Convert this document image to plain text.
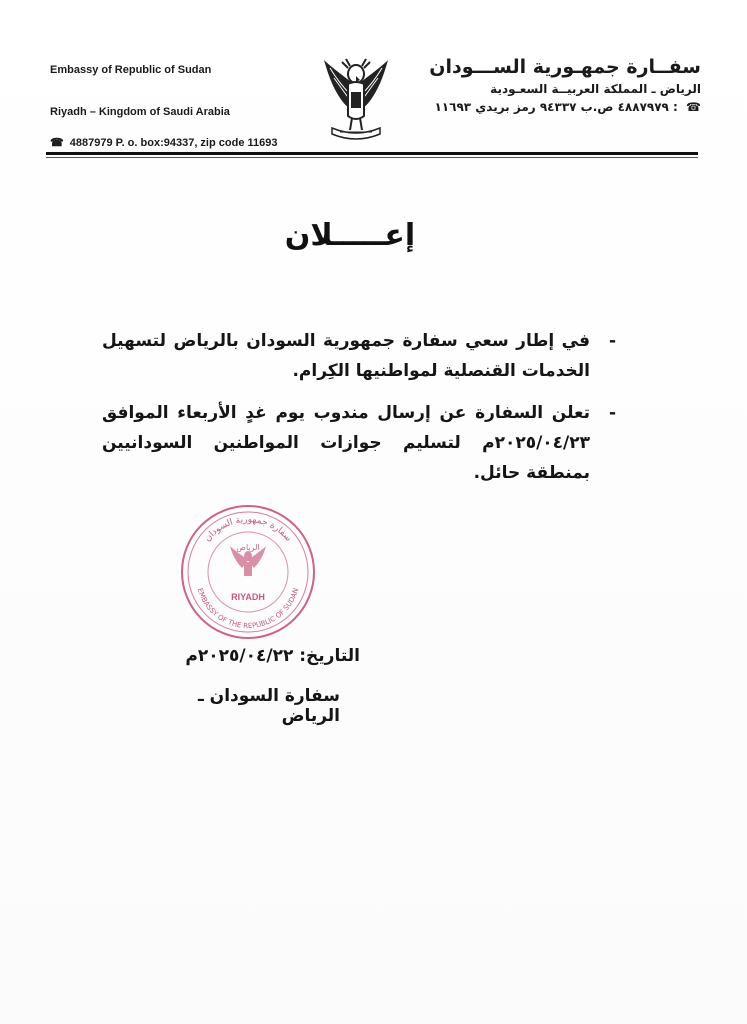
Embassy of Republic of Sudan
Riyadh – Kingdom of Saudi Arabia
☎ 4887979 P. o. box:94337, zip code 11693
سفــارة جمهـورية الســـودان
الرياض ـ المملكة العربيــة السعـودية
☎ : ٤٨٨٧٩٧٩ ص.ب ٩٤٣٣٧ رمز بريدي ١١٦٩٣
إعـــــلان
-
في إطار سعي سفارة جمهورية السودان بالرياض لتسهيل الخدمات القنصلية لمواطنيها الكِرام.
-
تعلن السفارة عن إرسال مندوب يوم غدٍ الأربعاء الموافق ٢٠٢٥/٠٤/٢٣م لتسليم جوازات المواطنين السودانيين بمنطقة حائل.
سفارة جمهورية السودان
EMBASSY OF THE REPUBLIC OF SUDAN
الرياض
RIYADH
التاريخ: ٢٠٢٥/٠٤/٢٢م
سفارة السودان ـ الرياض
